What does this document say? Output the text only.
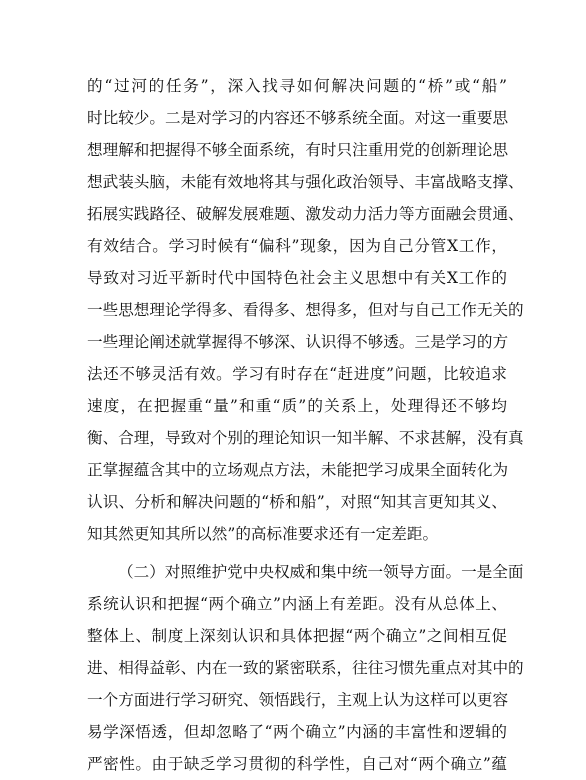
的“过河的任务”，深入找寻如何解决问题的“桥”或“船”
时比较少。二是对学习的内容还不够系统全面。对这一重要思
想理解和把握得不够全面系统，有时只注重用党的创新理论思
想武装头脑，未能有效地将其与强化政治领导、丰富战略支撑、
拓展实践路径、破解发展难题、激发动力活力等方面融会贯通、
有效结合。学习时候有“偏科”现象，因为自己分管X工作，
导致对习近平新时代中国特色社会主义思想中有关X工作的
一些思想理论学得多、看得多、想得多，但对与自己工作无关的
一些理论阐述就掌握得不够深、认识得不够透。三是学习的方
法还不够灵活有效。学习有时存在“赶进度”问题，比较追求
速度，在把握重“量”和重“质”的关系上，处理得还不够均
衡、合理，导致对个别的理论知识一知半解、不求甚解，没有真
正掌握蕴含其中的立场观点方法，未能把学习成果全面转化为
认识、分析和解决问题的“桥和船”，对照“知其言更知其义、
知其然更知其所以然”的高标准要求还有一定差距。
（二）对照维护党中央权威和集中统一领导方面。一是全面
系统认识和把握“两个确立”内涵上有差距。没有从总体上、
整体上、制度上深刻认识和具体把握“两个确立”之间相互促
进、相得益彰、内在一致的紧密联系，往往习惯先重点对其中的
一个方面进行学习研究、领悟践行，主观上认为这样可以更容
易学深悟透，但却忽略了“两个确立”内涵的丰富性和逻辑的
严密性。由于缺乏学习贯彻的科学性，自己对“两个确立”蕴
